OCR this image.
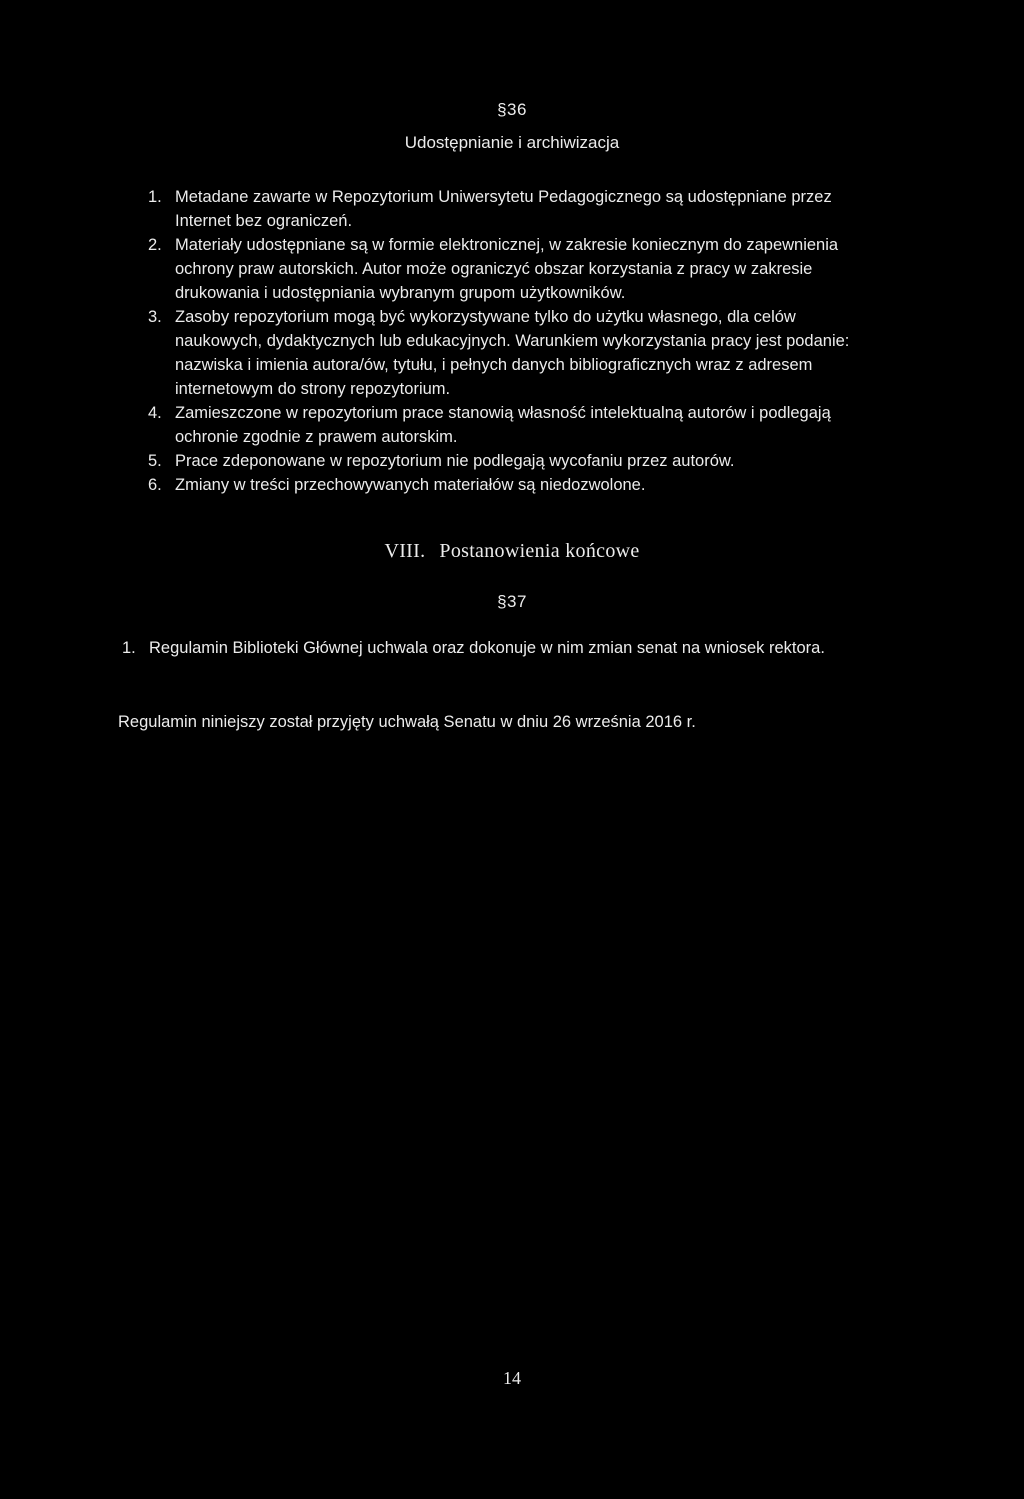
§36
Udostępnianie i archiwizacja
1. Metadane zawarte w Repozytorium Uniwersytetu Pedagogicznego są udostępniane przez Internet bez ograniczeń.
2. Materiały udostępniane są w formie elektronicznej, w zakresie koniecznym do zapewnienia ochrony praw autorskich. Autor może ograniczyć obszar korzystania z pracy w zakresie drukowania i udostępniania wybranym grupom użytkowników.
3. Zasoby repozytorium mogą być wykorzystywane tylko do użytku własnego, dla celów naukowych, dydaktycznych lub edukacyjnych. Warunkiem wykorzystania pracy jest podanie: nazwiska i imienia autora/ów, tytułu, i pełnych danych bibliograficznych wraz z adresem internetowym do strony repozytorium.
4. Zamieszczone w repozytorium prace stanowią własność intelektualną autorów i podlegają ochronie zgodnie z prawem autorskim.
5. Prace zdeponowane w repozytorium nie podlegają wycofaniu przez autorów.
6. Zmiany w treści przechowywanych materiałów są niedozwolone.
VIII. Postanowienia końcowe
§37
1. Regulamin Biblioteki Głównej uchwala oraz dokonuje w nim zmian senat na wniosek rektora.
Regulamin niniejszy został przyjęty uchwałą Senatu w dniu 26 września 2016 r.
14
